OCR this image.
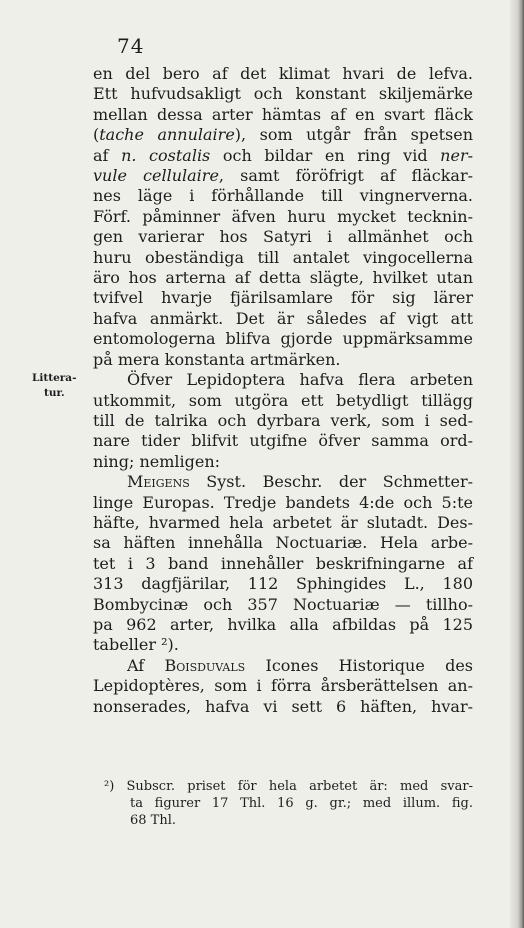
74
Littera-
tur.
en del bero af det klimat hvari de lefva.
Ett hufvudsakligt och konstant skiljemärke
mellan dessa arter hämtas af en svart fläck
(tache annulaire), som utgår från spetsen
af n. costalis och bildar en ring vid ner-
vule cellulaire, samt föröfrigt af fläckar-
nes läge i förhållande till vingnerverna.
Förf. påminner äfven huru mycket tecknin-
gen varierar hos Satyri i allmänhet och
huru obeständiga till antalet vingocellerna
äro hos arterna af detta slägte, hvilket utan
tvifvel hvarje fjärilsamlare för sig lärer
hafva anmärkt. Det är således af vigt att
entomologerna blifva gjorde uppmärksamme
på mera konstanta artmärken.
Öfver Lepidoptera hafva flera arbeten
utkommit, som utgöra ett betydligt tillägg
till de talrika och dyrbara verk, som i sed-
nare tider blifvit utgifne öfver samma ord-
ning; nemligen:
Meigens Syst. Beschr. der Schmetter-
linge Europas. Tredje bandets 4:de och 5:te
häfte, hvarmed hela arbetet är slutadt. Des-
sa häften innehålla Noctuariæ. Hela arbe-
tet i 3 band innehåller beskrifningarne af
313 dagfjärilar, 112 Sphingides L., 180
Bombycinæ och 357 Noctuariæ — tillho-
pa 962 arter, hvilka alla afbildas på 125
tabeller ²).
Af Boisduvals Icones Historique des
Lepidoptères, som i förra årsberättelsen an-
nonserades, hafva vi sett 6 häften, hvar-
²) Subscr. priset för hela arbetet är: med svar-
ta figurer 17 Thl. 16 g. gr.; med illum. fig.
68 Thl.
